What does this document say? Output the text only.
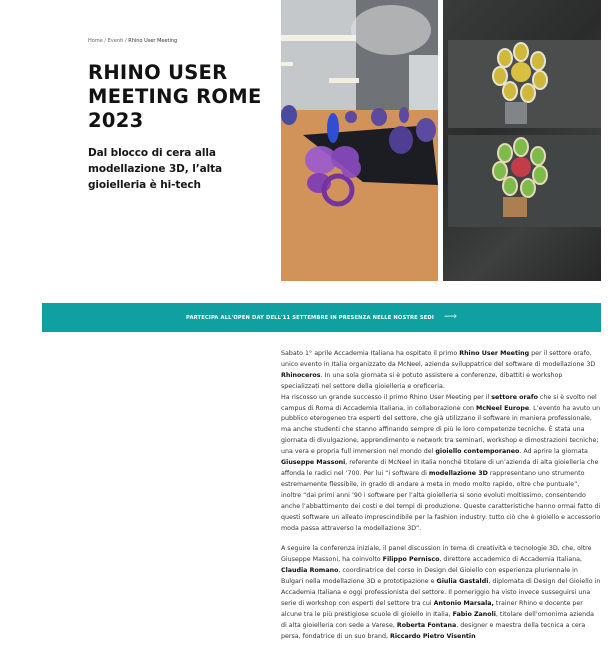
Home / Eventi / Rhino User Meeting
RHINO USER MEETING ROME 2023
Dal blocco di cera alla modellazione 3D, l’alta gioielleria è hi-tech
PARTECIPA ALL'OPEN DAY DELL'11 SETTEMBRE IN PRESENZA NELLE NOSTRE SEDI ⟶

Sabato 1° aprile Accademia Italiana ha ospitato il primo Rhino User Meeting per il settore orafo, unico evento in Italia organizzato da McNeel, azienda sviluppatrice del software di modellazione 3D Rhinoceros. In una sola giornata si è potuto assistere a conferenze, dibattiti e workshop specializzati nel settore della gioielleria e oreficeria.
Ha riscosso un grande successo il primo Rhino User Meeting per il settore orafo che si è svolto nel campus di Roma di Accademia Italiana, in collaborazione con McNeel Europe. L’evento ha avuto un pubblico eterogeneo tra esperti del settore, che già utilizzano il software in maniera professionale, ma anche studenti che stanno affinando sempre di più le loro competenze tecniche. È stata una giornata di divulgazione, apprendimento e network tra seminari, workshop e dimostrazioni tecniche; una vera e propria full immersion nel mondo del gioiello contemporaneo. Ad aprire la giornata Giuseppe Massoni, referente di McNeel in Italia nonché titolare di un’azienda di alta gioielleria che affonda le radici nel ’700. Per lui “i software di modellazione 3D rappresentano uno strumento estremamente flessibile, in grado di andare a meta in modo molto rapido, oltre che puntuale”, inoltre “dai primi anni ’90 i software per l’alta gioielleria si sono evoluti moltissimo, consentendo anche l’abbattimento dei costi e dei tempi di produzione. Queste caratteristiche hanno ormai fatto di questi software un alleato imprescindibile per la fashion industry: tutto ciò che è gioiello e accessorio moda passa attraverso la modellazione 3D”.

A seguire la conferenza iniziale, il panel discussion in tema di creatività e tecnologie 3D, che, oltre Giuseppe Massoni, ha coinvolto Filippo Pernisco, direttore accademico di Accademia Italiana, Claudia Romano, coordinatrice del corso in Design del Gioiello con esperienza pluriennale in Bulgari nella modellazione 3D e prototipazione e Giulia Gastaldi, diplomata di Design del Gioiello in Accademia Italiana e oggi professionista del settore. Il pomeriggio ha visto invece susseguirsi una serie di workshop con esperti del settore tra cui Antonio Marsala, trainer Rhino e docente per alcune tra le più prestigiose scuole di gioiello in Italia, Fabio Zanoli, titolare dell’omonima azienda di alta gioielleria con sede a Varese, Roberta Fontana, designer e maestra della tecnica a cera persa, fondatrice di un suo brand, Riccardo Pietro Visentin
